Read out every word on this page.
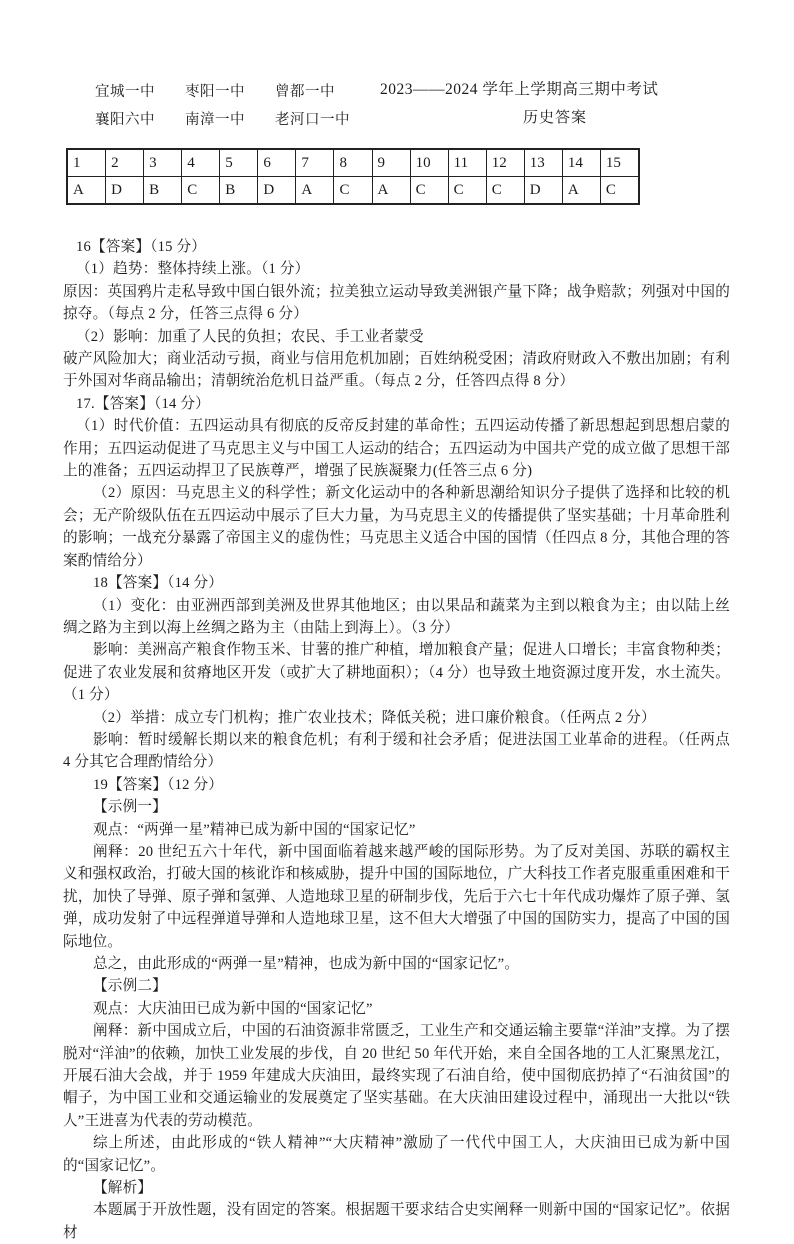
宜城一中 枣阳一中 曾都一中
襄阳六中 南漳一中 老河口一中
2023——2024 学年上学期高三期中考试
历史答案
1	2	3	4	5	6	7	8	9	10	11	12	13	14	15
A	D	B	C	B	D	A	C	A	C	C	C	D	A	C

16【答案】（15 分）

（1）趋势：整体持续上涨。（1 分）

原因：英国鸦片走私导致中国白银外流；拉美独立运动导致美洲银产量下降；战争赔款；列强对中国的掠夺。（每点 2 分，任答三点得 6 分）

（2）影响：加重了人民的负担；农民、手工业者蒙受

破产风险加大；商业活动亏损，商业与信用危机加剧；百姓纳税受困；清政府财政入不敷出加剧；有利于外国对华商品输出；清朝统治危机日益严重。（每点 2 分，任答四点得 8 分）

17.【答案】（14 分）

（1）时代价值：五四运动具有彻底的反帝反封建的革命性；五四运动传播了新思想起到思想启蒙的作用；五四运动促进了马克思主义与中国工人运动的结合；五四运动为中国共产党的成立做了思想干部上的准备；五四运动捍卫了民族尊严，增强了民族凝聚力(任答三点 6 分)

（2）原因：马克思主义的科学性；新文化运动中的各种新思潮给知识分子提供了选择和比较的机会；无产阶级队伍在五四运动中展示了巨大力量，为马克思主义的传播提供了坚实基础；十月革命胜利的影响；一战充分暴露了帝国主义的虚伪性；马克思主义适合中国的国情（任四点 8 分，其他合理的答案酌情给分）

18【答案】（14 分）

（1）变化：由亚洲西部到美洲及世界其他地区；由以果品和蔬菜为主到以粮食为主；由以陆上丝绸之路为主到以海上丝绸之路为主（由陆上到海上）。（3 分）

影响：美洲高产粮食作物玉米、甘薯的推广种植，增加粮食产量；促进人口增长；丰富食物种类；促进了农业发展和贫瘠地区开发（或扩大了耕地面积）；（4 分）也导致土地资源过度开发，水土流失。（1 分）

（2）举措：成立专门机构；推广农业技术；降低关税；进口廉价粮食。（任两点 2 分）

影响：暂时缓解长期以来的粮食危机；有利于缓和社会矛盾；促进法国工业革命的进程。（任两点 4 分其它合理酌情给分）

19【答案】（12 分）

【示例一】

观点：“两弹一星”精神已成为新中国的“国家记忆”

阐释：20 世纪五六十年代，新中国面临着越来越严峻的国际形势。为了反对美国、苏联的霸权主义和强权政治，打破大国的核讹诈和核威胁，提升中国的国际地位，广大科技工作者克服重重困难和干扰，加快了导弹、原子弹和氢弹、人造地球卫星的研制步伐，先后于六七十年代成功爆炸了原子弹、氢弹，成功发射了中远程弹道导弹和人造地球卫星，这不但大大增强了中国的国防实力，提高了中国的国际地位。

总之，由此形成的“两弹一星”精神，也成为新中国的“国家记忆”。

【示例二】

观点：大庆油田已成为新中国的“国家记忆”

阐释：新中国成立后，中国的石油资源非常匮乏，工业生产和交通运输主要靠“洋油”支撑。为了摆脱对“洋油”的依赖，加快工业发展的步伐，自 20 世纪 50 年代开始，来自全国各地的工人汇聚黑龙江，开展石油大会战，并于 1959 年建成大庆油田，最终实现了石油自给，使中国彻底扔掉了“石油贫国”的帽子，为中国工业和交通运输业的发展奠定了坚实基础。在大庆油田建设过程中，涌现出一大批以“铁人”王进喜为代表的劳动模范。

综上所述，由此形成的“铁人精神”“大庆精神”激励了一代代中国工人，大庆油田已成为新中国的“国家记忆”。

【解析】

本题属于开放性题，没有固定的答案。根据题干要求结合史实阐释一则新中国的“国家记忆”。依据材
